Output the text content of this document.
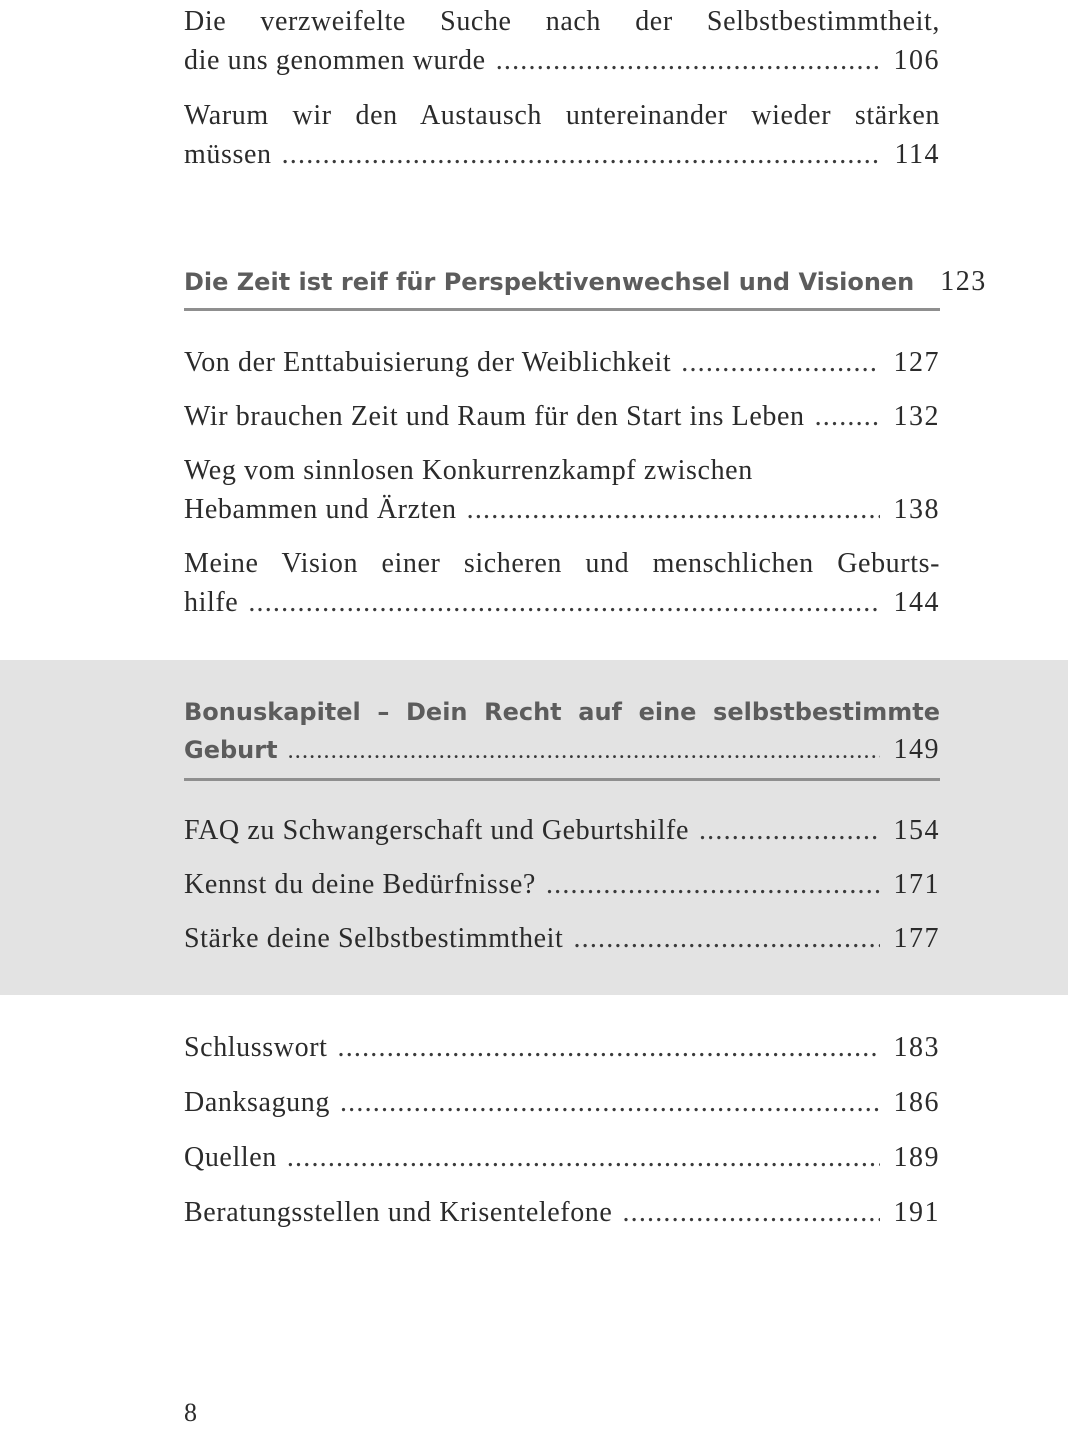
Die verzweifelte Suche nach der Selbstbestimmtheit,
die uns genommen wurde .....	106
Warum wir den Austausch untereinander wieder stärken
müssen .....	114
Die Zeit ist reif für Perspektivenwechsel und Visionen 123
Von der Enttabuisierung der Weiblichkeit .....	127
Wir brauchen Zeit und Raum für den Start ins Leben .....	132
Weg vom sinnlosen Konkurrenzkampf zwischen
Hebammen und Ärzten .....	138
Meine Vision einer sicheren und menschlichen Geburts-
hilfe .....	144
Bonuskapitel – Dein Recht auf eine selbstbestimmte
Geburt .....	149
FAQ zu Schwangerschaft und Geburtshilfe .....	154
Kennst du deine Bedürfnisse? .....	171
Stärke deine Selbstbestimmtheit .....	177
Schlusswort .....	183
Danksagung .....	186
Quellen .....	189
Beratungsstellen und Krisentelefone .....	191
8
